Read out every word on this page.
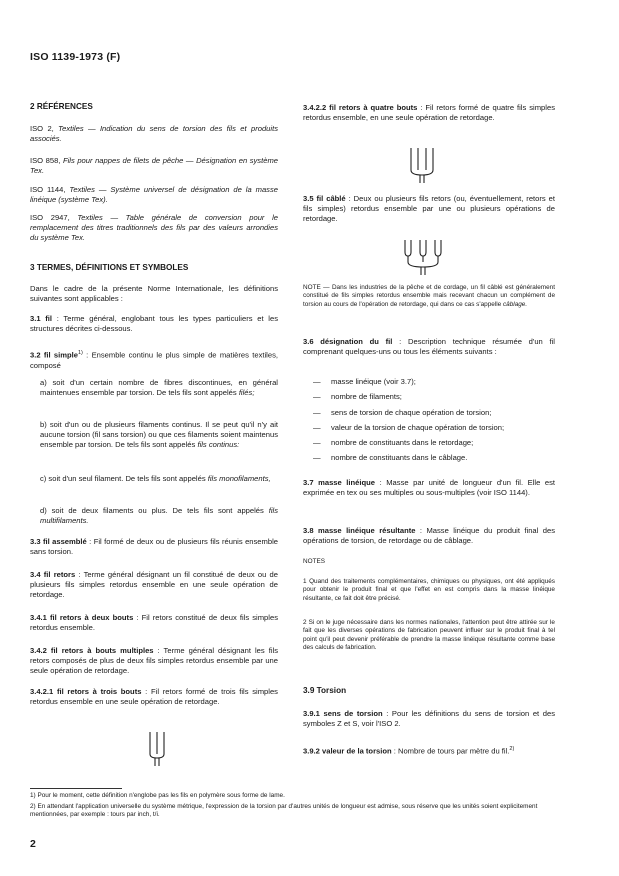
ISO 1139-1973 (F)
2 RÉFÉRENCES
ISO 2, Textiles — Indication du sens de torsion des fils et produits associés.
ISO 858, Fils pour nappes de filets de pêche — Désignation en système Tex.
ISO 1144, Textiles — Système universel de désignation de la masse linéique (système Tex).
ISO 2947, Textiles — Table générale de conversion pour le remplacement des titres traditionnels des fils par des valeurs arrondies du système Tex.
3 TERMES, DÉFINITIONS ET SYMBOLES
Dans le cadre de la présente Norme Internationale, les définitions suivantes sont applicables :
3.1 fil : Terme général, englobant tous les types particuliers et les structures décrites ci-dessous.
3.2 fil simple$^{1)}$ : Ensemble continu le plus simple de matières textiles, composé
a) soit d'un certain nombre de fibres discontinues, en général maintenues ensemble par torsion. De tels fils sont appelés filés;
b) soit d'un ou de plusieurs filaments continus. Il se peut qu'il n'y ait aucune torsion (fil sans torsion) ou que ces filaments soient maintenus ensemble par torsion. De tels fils sont appelés fils continus:
c) soit d'un seul filament. De tels fils sont appelés fils monofilaments,
d) soit de deux filaments ou plus. De tels fils sont appelés fils multifilaments.
3.3 fil assemblé : Fil formé de deux ou de plusieurs fils réunis ensemble sans torsion.
3.4 fil retors : Terme général désignant un fil constitué de deux ou de plusieurs fils simples retordus ensemble en une seule opération de retordage.
3.4.1 fil retors à deux bouts : Fil retors constitué de deux fils simples retordus ensemble.
3.4.2 fil retors à bouts multiples : Terme général désignant les fils retors composés de plus de deux fils simples retordus ensemble par une seule opération de retordage.
3.4.2.1 fil retors à trois bouts : Fil retors formé de trois fils simples retordus ensemble en une seule opération de retordage.
3.4.2.2 fil retors à quatre bouts : Fil retors formé de quatre fils simples retordus ensemble, en une seule opération de retordage.
3.5 fil câblé : Deux ou plusieurs fils retors (ou, éventuellement, retors et fils simples) retordus ensemble par une ou plusieurs opérations de retordage.
NOTE — Dans les industries de la pêche et de cordage, un fil câblé est généralement constitué de fils simples retordus ensemble mais recevant chacun un complément de torsion au cours de l'opération de retordage, qui dans ce cas s'appelle câblage.
3.6 désignation du fil : Description technique résumée d'un fil comprenant quelques-uns ou tous les éléments suivants :
— masse linéique (voir 3.7);
— nombre de filaments;
— sens de torsion de chaque opération de torsion;
— valeur de la torsion de chaque opération de torsion;
— nombre de constituants dans le retordage;
— nombre de constituants dans le câblage.
3.7 masse linéique : Masse par unité de longueur d'un fil. Elle est exprimée en tex ou ses multiples ou sous-multiples (voir ISO 1144).
3.8 masse linéique résultante : Masse linéique du produit final des opérations de torsion, de retordage ou de câblage.
NOTES
1 Quand des traitements complémentaires, chimiques ou physiques, ont été appliqués pour obtenir le produit final et que l'effet en est compris dans la masse linéique résultante, ce fait doit être précisé.
2 Si on le juge nécessaire dans les normes nationales, l'attention peut être attirée sur le fait que les diverses opérations de fabrication peuvent influer sur le produit final à tel point qu'il peut devenir préférable de prendre la masse linéique résultante comme base des calculs de fabrication.
3.9 Torsion
3.9.1 sens de torsion : Pour les définitions du sens de torsion et des symboles Z et S, voir l'ISO 2.
3.9.2 valeur de la torsion : Nombre de tours par mètre du fil.$^{2)}$
1) Pour le moment, cette définition n'englobe pas les fils en polymère sous forme de lame.
2) En attendant l'application universelle du système métrique, l'expression de la torsion par d'autres unités de longueur est admise, sous réserve que les unités soient explicitement mentionnées, par exemple : tours par inch, t/i.
2
